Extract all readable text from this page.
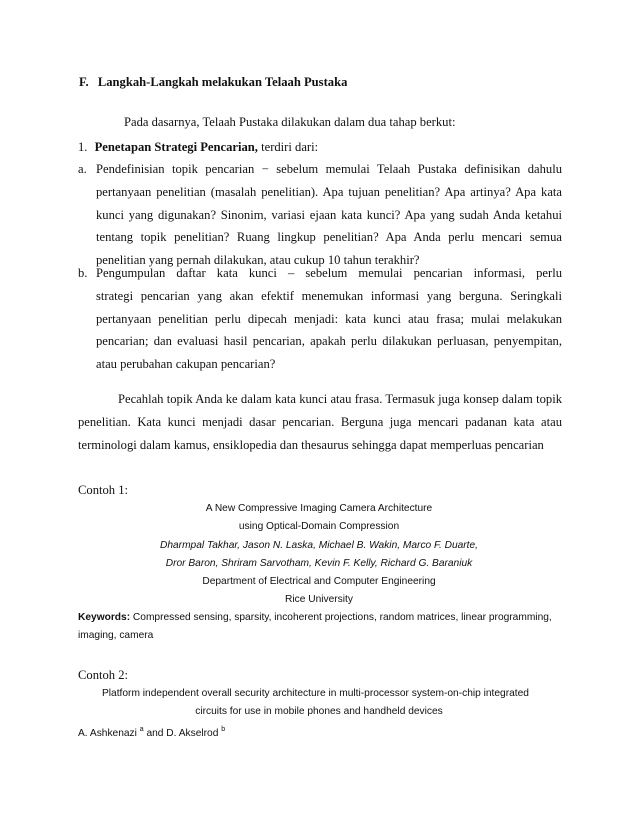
F. Langkah-Langkah melakukan Telaah Pustaka
Pada dasarnya, Telaah Pustaka dilakukan dalam dua tahap berkut:
1. Penetapan Strategi Pencarian, terdiri dari:
a. Pendefinisian topik pencarian − sebelum memulai Telaah Pustaka definisikan dahulu
pertanyaan penelitian (masalah penelitian). Apa tujuan penelitian? Apa artinya? Apa kata
kunci yang digunakan? Sinonim, variasi ejaan kata kunci? Apa yang sudah Anda ketahui
tentang topik penelitian? Ruang lingkup penelitian? Apa Anda perlu mencari semua
penelitian yang pernah dilakukan, atau cukup 10 tahun terakhir?
b. Pengumpulan daftar kata kunci – sebelum memulai pencarian informasi, perlu
strategi pencarian yang akan efektif menemukan informasi yang berguna. Seringkali
pertanyaan penelitian perlu dipecah menjadi: kata kunci atau frasa; mulai melakukan
pencarian; dan evaluasi hasil pencarian, apakah perlu dilakukan perluasan, penyempitan,
atau perubahan cakupan pencarian?
Pecahlah topik Anda ke dalam kata kunci atau frasa. Termasuk juga konsep dalam topik
penelitian. Kata kunci menjadi dasar pencarian. Berguna juga mencari padanan kata atau
terminologi dalam kamus, ensiklopedia dan thesaurus sehingga dapat memperluas pencarian
Contoh 1:
A New Compressive Imaging Camera Architecture
using Optical-Domain Compression
Dharmpal Takhar, Jason N. Laska, Michael B. Wakin, Marco F. Duarte,
Dror Baron, Shriram Sarvotham, Kevin F. Kelly, Richard G. Baraniuk
Department of Electrical and Computer Engineering
Rice University
Keywords: Compressed sensing, sparsity, incoherent projections, random matrices, linear programming,
imaging, camera
Contoh 2:
Platform independent overall security architecture in multi-processor system-on-chip integrated
circuits for use in mobile phones and handheld devices
A. Ashkenazi $^a$ and D. Akselrod $^b$
